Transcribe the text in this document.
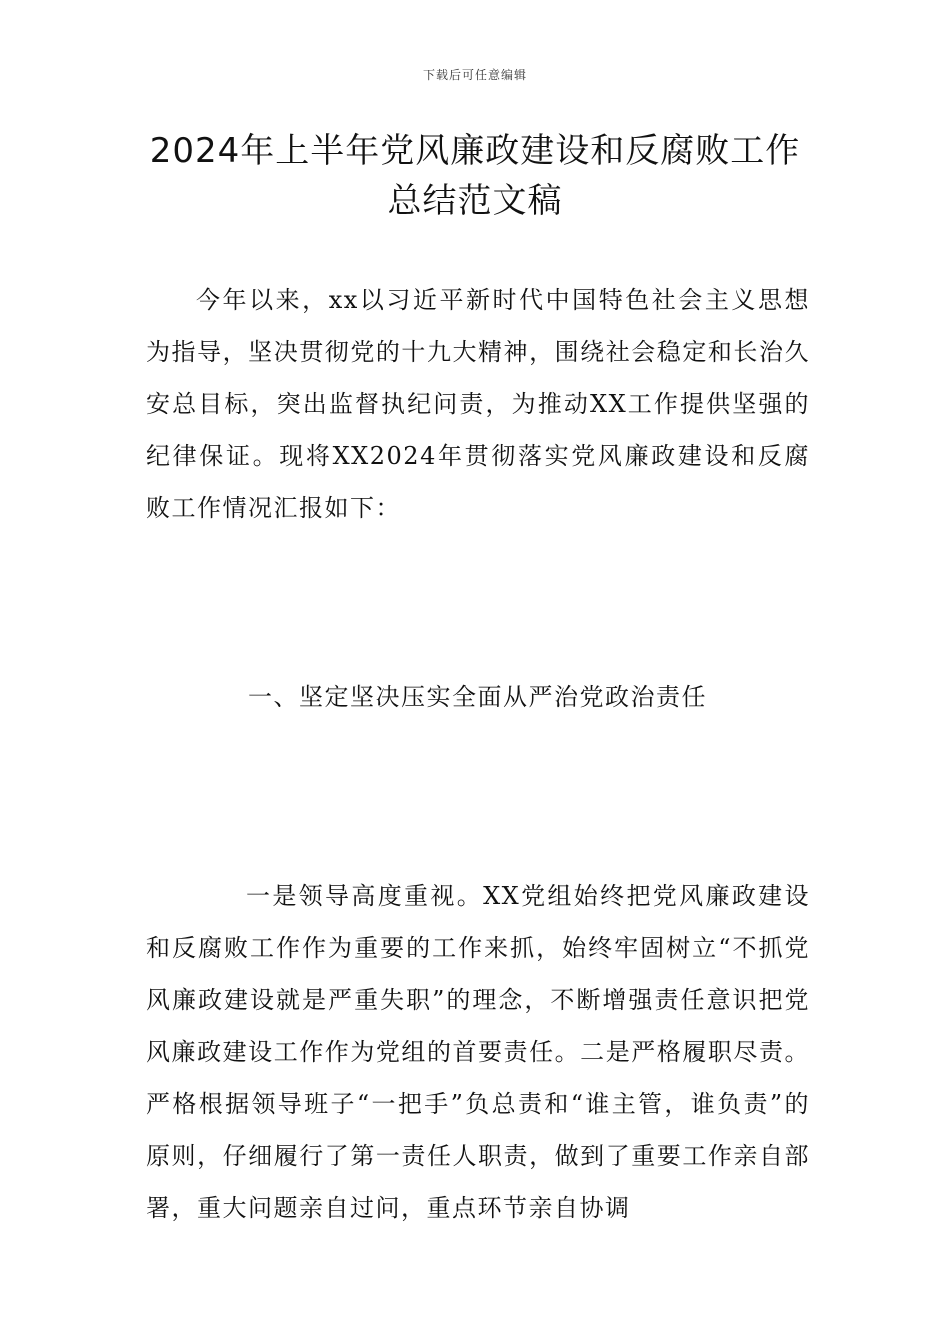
下载后可任意编辑
2024年上半年党风廉政建设和反腐败工作
总结范文稿

今年以来，xx以习近平新时代中国特色社会主义思想为指导，坚决贯彻党的十九大精神，围绕社会稳定和长治久安总目标，突出监督执纪问责，为推动XX工作提供坚强的纪律保证。现将XX2024年贯彻落实党风廉政建设和反腐败工作情况汇报如下：

一、坚定坚决压实全面从严治党政治责任

一是领导高度重视。XX党组始终把党风廉政建设和反腐败工作作为重要的工作来抓，始终牢固树立“不抓党风廉政建设就是严重失职”的理念，不断增强责任意识把党风廉政建设工作作为党组的首要责任。二是严格履职尽责。严格根据领导班子“一把手”负总责和“谁主管，谁负责”的原则，仔细履行了第一责任人职责，做到了重要工作亲自部署，重大问题亲自过问，重点环节亲自协调
